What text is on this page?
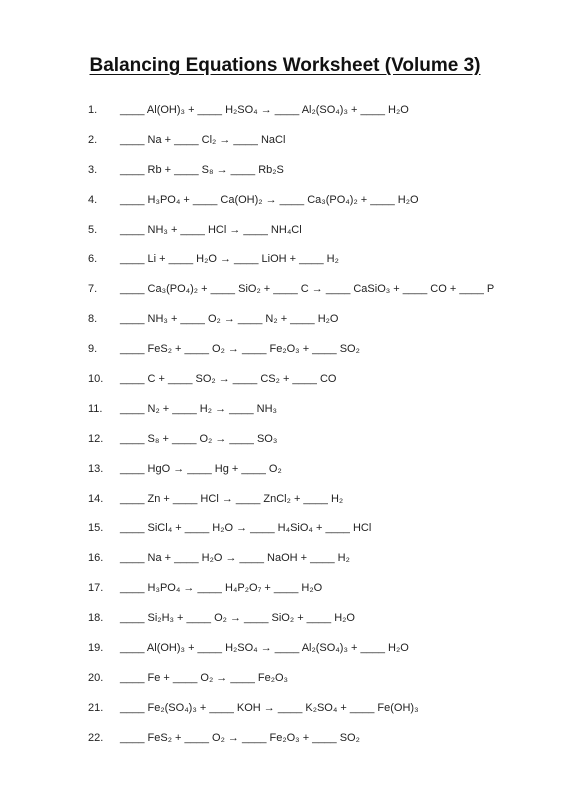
Balancing Equations Worksheet (Volume 3)
1.	____ Al(OH)₃ + ____ H₂SO₄ → ____ Al₂(SO₄)₃ + ____ H₂O
2.	____ Na + ____ Cl₂ → ____ NaCl
3.	____ Rb + ____ S₈ → ____ Rb₂S
4.	____ H₃PO₄ + ____ Ca(OH)₂ → ____ Ca₃(PO₄)₂ + ____ H₂O
5.	____ NH₃ + ____ HCl → ____ NH₄Cl
6.	____ Li + ____ H₂O → ____ LiOH + ____ H₂
7.	____ Ca₃(PO₄)₂ + ____ SiO₂ + ____ C → ____ CaSiO₃ + ____ CO + ____ P
8.	____ NH₃ + ____ O₂ → ____ N₂ + ____ H₂O
9.	____ FeS₂ + ____ O₂ → ____ Fe₂O₃ + ____ SO₂
10.	____ C + ____ SO₂ → ____ CS₂ + ____ CO
11.	____ N₂ + ____ H₂ → ____ NH₃
12.	____ S₈ + ____ O₂ → ____ SO₃
13.	____ HgO → ____ Hg + ____ O₂
14.	____ Zn + ____ HCl → ____ ZnCl₂ + ____ H₂
15.	____ SiCl₄ + ____ H₂O → ____ H₄SiO₄ + ____ HCl
16.	____ Na + ____ H₂O → ____ NaOH + ____ H₂
17.	____ H₃PO₄ → ____ H₄P₂O₇ + ____ H₂O
18.	____ Si₂H₃ + ____ O₂ → ____ SiO₂ + ____ H₂O
19.	____ Al(OH)₃ + ____ H₂SO₄ → ____ Al₂(SO₄)₃ + ____ H₂O
20.	____ Fe + ____ O₂ → ____ Fe₂O₃
21.	____ Fe₂(SO₄)₃ + ____ KOH → ____ K₂SO₄ + ____ Fe(OH)₃
22.	____ FeS₂ + ____ O₂ → ____ Fe₂O₃ + ____ SO₂
